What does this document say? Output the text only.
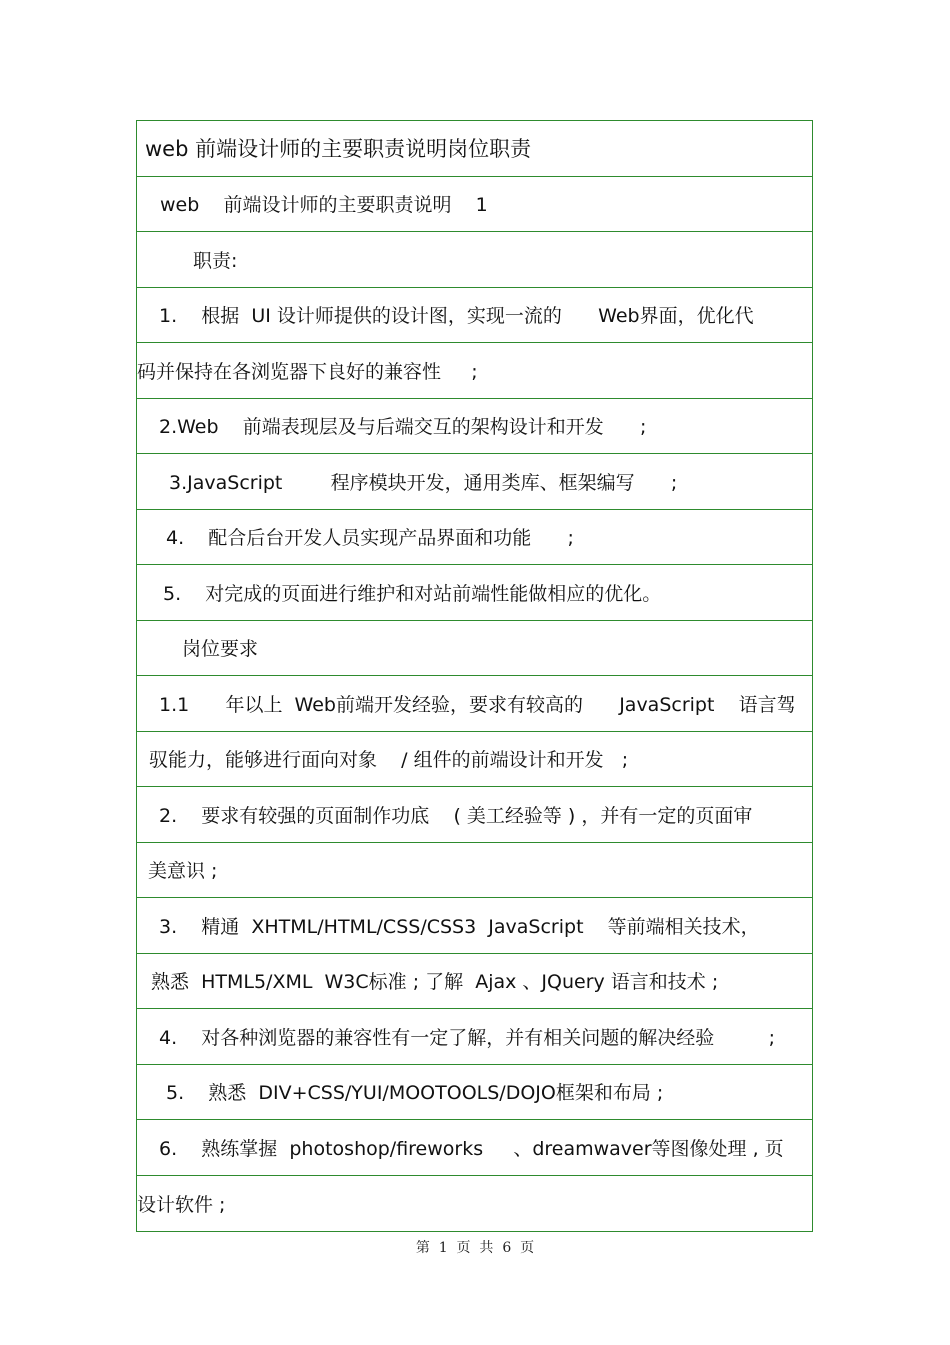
web 前端设计师的主要职责说明岗位职责
web    前端设计师的主要职责说明    1
职责:
1.    根据  UI 设计师提供的设计图，实现一流的      Web界面，优化代
码并保持在各浏览器下良好的兼容性     ;
2.Web    前端表现层及与后端交互的架构设计和开发      ;
3.JavaScript        程序模块开发，通用类库、框架编写      ;
4.    配合后台开发人员实现产品界面和功能      ;
5.    对完成的页面进行维护和对站前端性能做相应的优化。
岗位要求
1.1      年以上  Web前端开发经验，要求有较高的      JavaScript    语言驾
驭能力，能够进行面向对象    / 组件的前端设计和开发   ;
2.    要求有较强的页面制作功底    ( 美工经验等 ) ，并有一定的页面审
美意识 ;
3.    精通  XHTML/HTML/CSS/CSS3  JavaScript    等前端相关技术，
熟悉  HTML5/XML  W3C标准 ; 了解  Ajax 、JQuery 语言和技术 ;
4.    对各种浏览器的兼容性有一定了解，并有相关问题的解决经验         ;
5.    熟悉  DIV+CSS/YUI/MOOTOOLS/DOJO框架和布局 ;
6.    熟练掌握  photoshop/fireworks     、dreamwaver等图像处理 , 页
设计软件 ;
第  1  页  共  6  页
